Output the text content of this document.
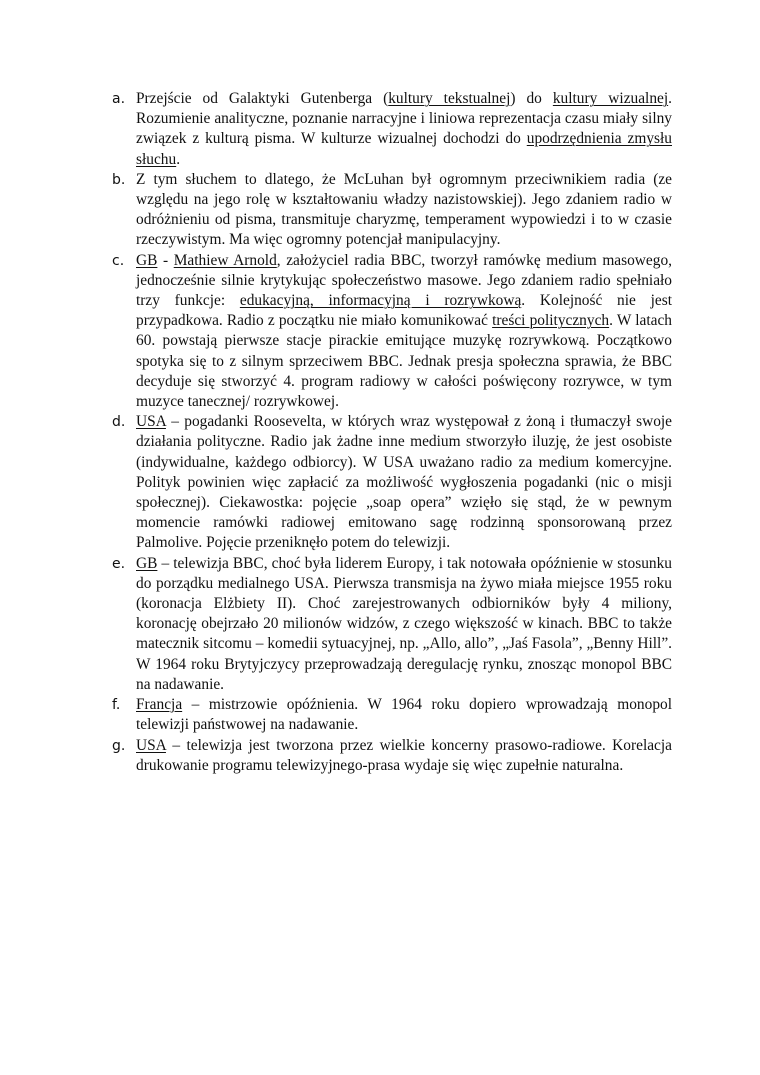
a. Przejście od Galaktyki Gutenberga (kultury tekstualnej) do kultury wizualnej. Rozumienie analityczne, poznanie narracyjne i liniowa reprezentacja czasu miały silny związek z kulturą pisma. W kulturze wizualnej dochodzi do upodrzędnienia zmysłu słuchu.
b. Z tym słuchem to dlatego, że McLuhan był ogromnym przeciwnikiem radia (ze względu na jego rolę w kształtowaniu władzy nazistowskiej). Jego zdaniem radio w odróżnieniu od pisma, transmituje charyzmę, temperament wypowiedzi i to w czasie rzeczywistym. Ma więc ogromny potencjał manipulacyjny.
c. GB - Mathiew Arnold, założyciel radia BBC, tworzył ramówkę medium masowego, jednocześnie silnie krytykując społeczeństwo masowe. Jego zdaniem radio spełniało trzy funkcje: edukacyjną, informacyjną i rozrywkową. Kolejność nie jest przypadkowa. Radio z początku nie miało komunikować treści politycznych. W latach 60. powstają pierwsze stacje pirackie emitujące muzykę rozrywkową. Początkowo spotyka się to z silnym sprzeciwem BBC. Jednak presja społeczna sprawia, że BBC decyduje się stworzyć 4. program radiowy w całości poświęcony rozrywce, w tym muzyce tanecznej/ rozrywkowej.
d. USA – pogadanki Roosevelta, w których wraz występował z żoną i tłumaczył swoje działania polityczne. Radio jak żadne inne medium stworzyło iluzję, że jest osobiste (indywidualne, każdego odbiorcy). W USA uważano radio za medium komercyjne. Polityk powinien więc zapłacić za możliwość wygłoszenia pogadanki (nic o misji społecznej). Ciekawostka: pojęcie „soap opera” wzięło się stąd, że w pewnym momencie ramówki radiowej emitowano sagę rodzinną sponsorowaną przez Palmolive. Pojęcie przeniknęło potem do telewizji.
e. GB – telewizja BBC, choć była liderem Europy, i tak notowała opóźnienie w stosunku do porządku medialnego USA. Pierwsza transmisja na żywo miała miejsce 1955 roku (koronacja Elżbiety II). Choć zarejestrowanych odbiorników były 4 miliony, koronację obejrzało 20 milionów widzów, z czego większość w kinach. BBC to także matecznik sitcomu – komedii sytuacyjnej, np. „Allo, allo”, „Jaś Fasola”, „Benny Hill”. W 1964 roku Brytyjczycy przeprowadzają deregulację rynku, znosząc monopol BBC na nadawanie.
f. Francja – mistrzowie opóźnienia. W 1964 roku dopiero wprowadzają monopol telewizji państwowej na nadawanie.
g. USA – telewizja jest tworzona przez wielkie koncerny prasowo-radiowe. Korelacja drukowanie programu telewizyjnego-prasa wydaje się więc zupełnie naturalna.
